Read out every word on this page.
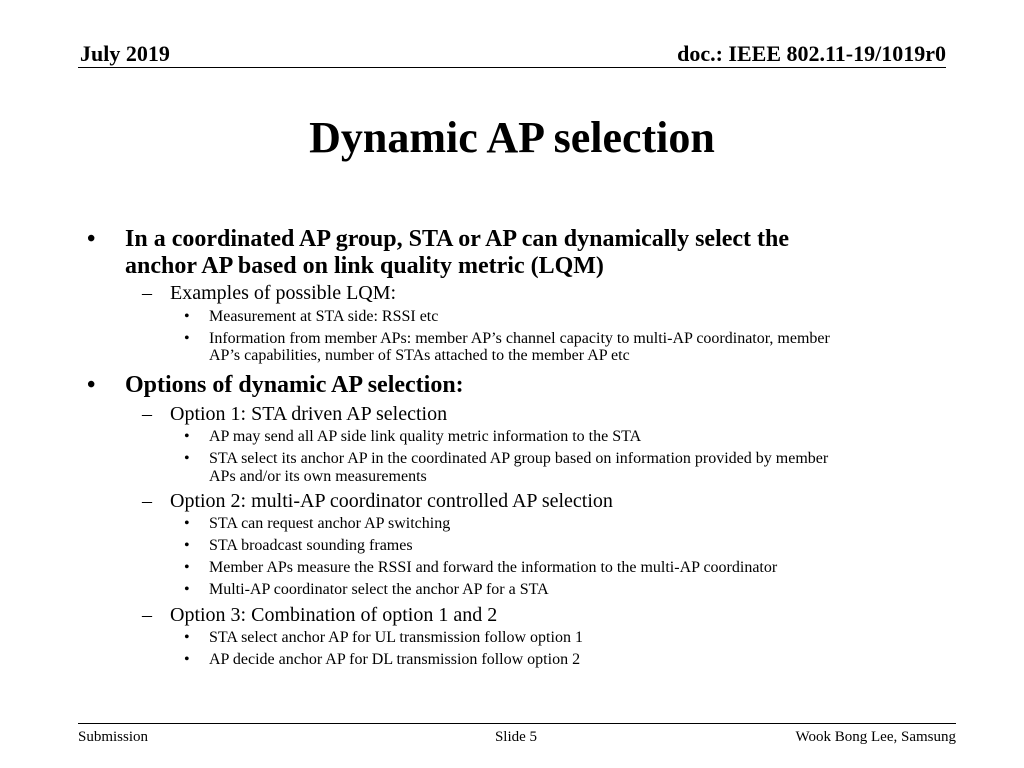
July 2019	doc.: IEEE 802.11-19/1019r0
Dynamic AP selection
• In a coordinated AP group, STA or AP can dynamically select the
anchor AP based on link quality metric (LQM)
– Examples of possible LQM:
• Measurement at STA side: RSSI etc
• Information from member APs: member AP’s channel capacity to multi-AP coordinator, member
AP’s capabilities, number of STAs attached to the member AP etc
• Options of dynamic AP selection:
– Option 1: STA driven AP selection
• AP may send all AP side link quality metric information to the STA
• STA select its anchor AP in the coordinated AP group based on information provided by member
APs and/or its own measurements
– Option 2: multi-AP coordinator controlled AP selection
• STA can request anchor AP switching
• STA broadcast sounding frames
• Member APs measure the RSSI and forward the information to the multi-AP coordinator
• Multi-AP coordinator select the anchor AP for a STA
– Option 3: Combination of option 1 and 2
• STA select anchor AP for UL transmission follow option 1
• AP decide anchor AP for DL transmission follow option 2
Submission	Slide 5	Wook Bong Lee, Samsung
